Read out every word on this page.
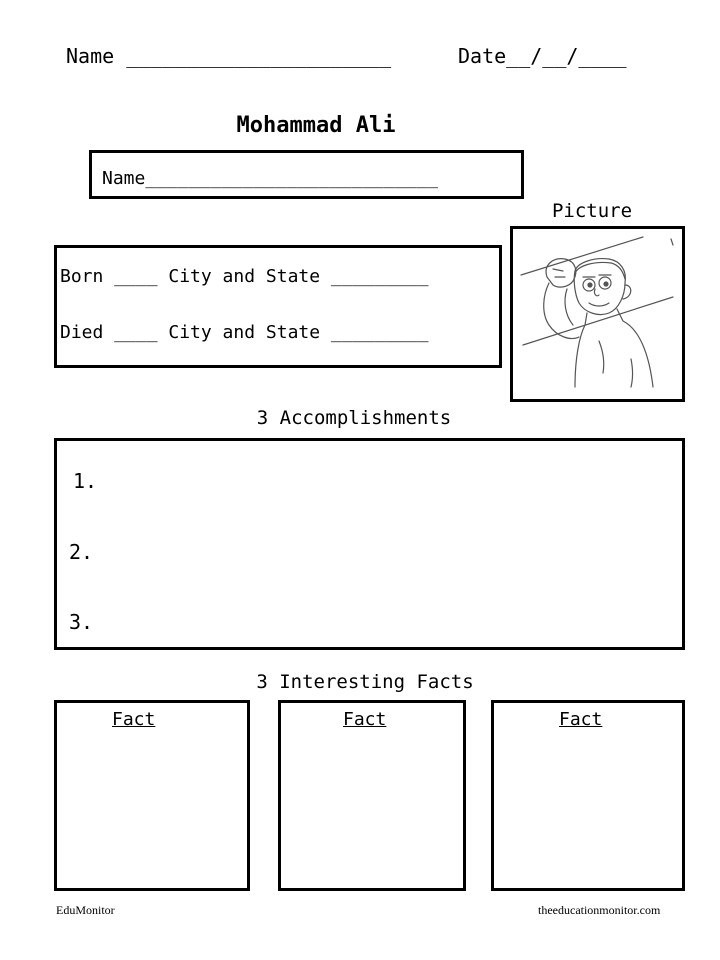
Name ______________________	Date__/__/____
Mohammad Ali
Name___________________________
Picture
Born ____ City and State _________
Died ____ City and State _________
3 Accomplishments
1.
2.
3.
3 Interesting Facts
Fact	Fact	Fact
EduMonitor	theeducationmonitor.com
